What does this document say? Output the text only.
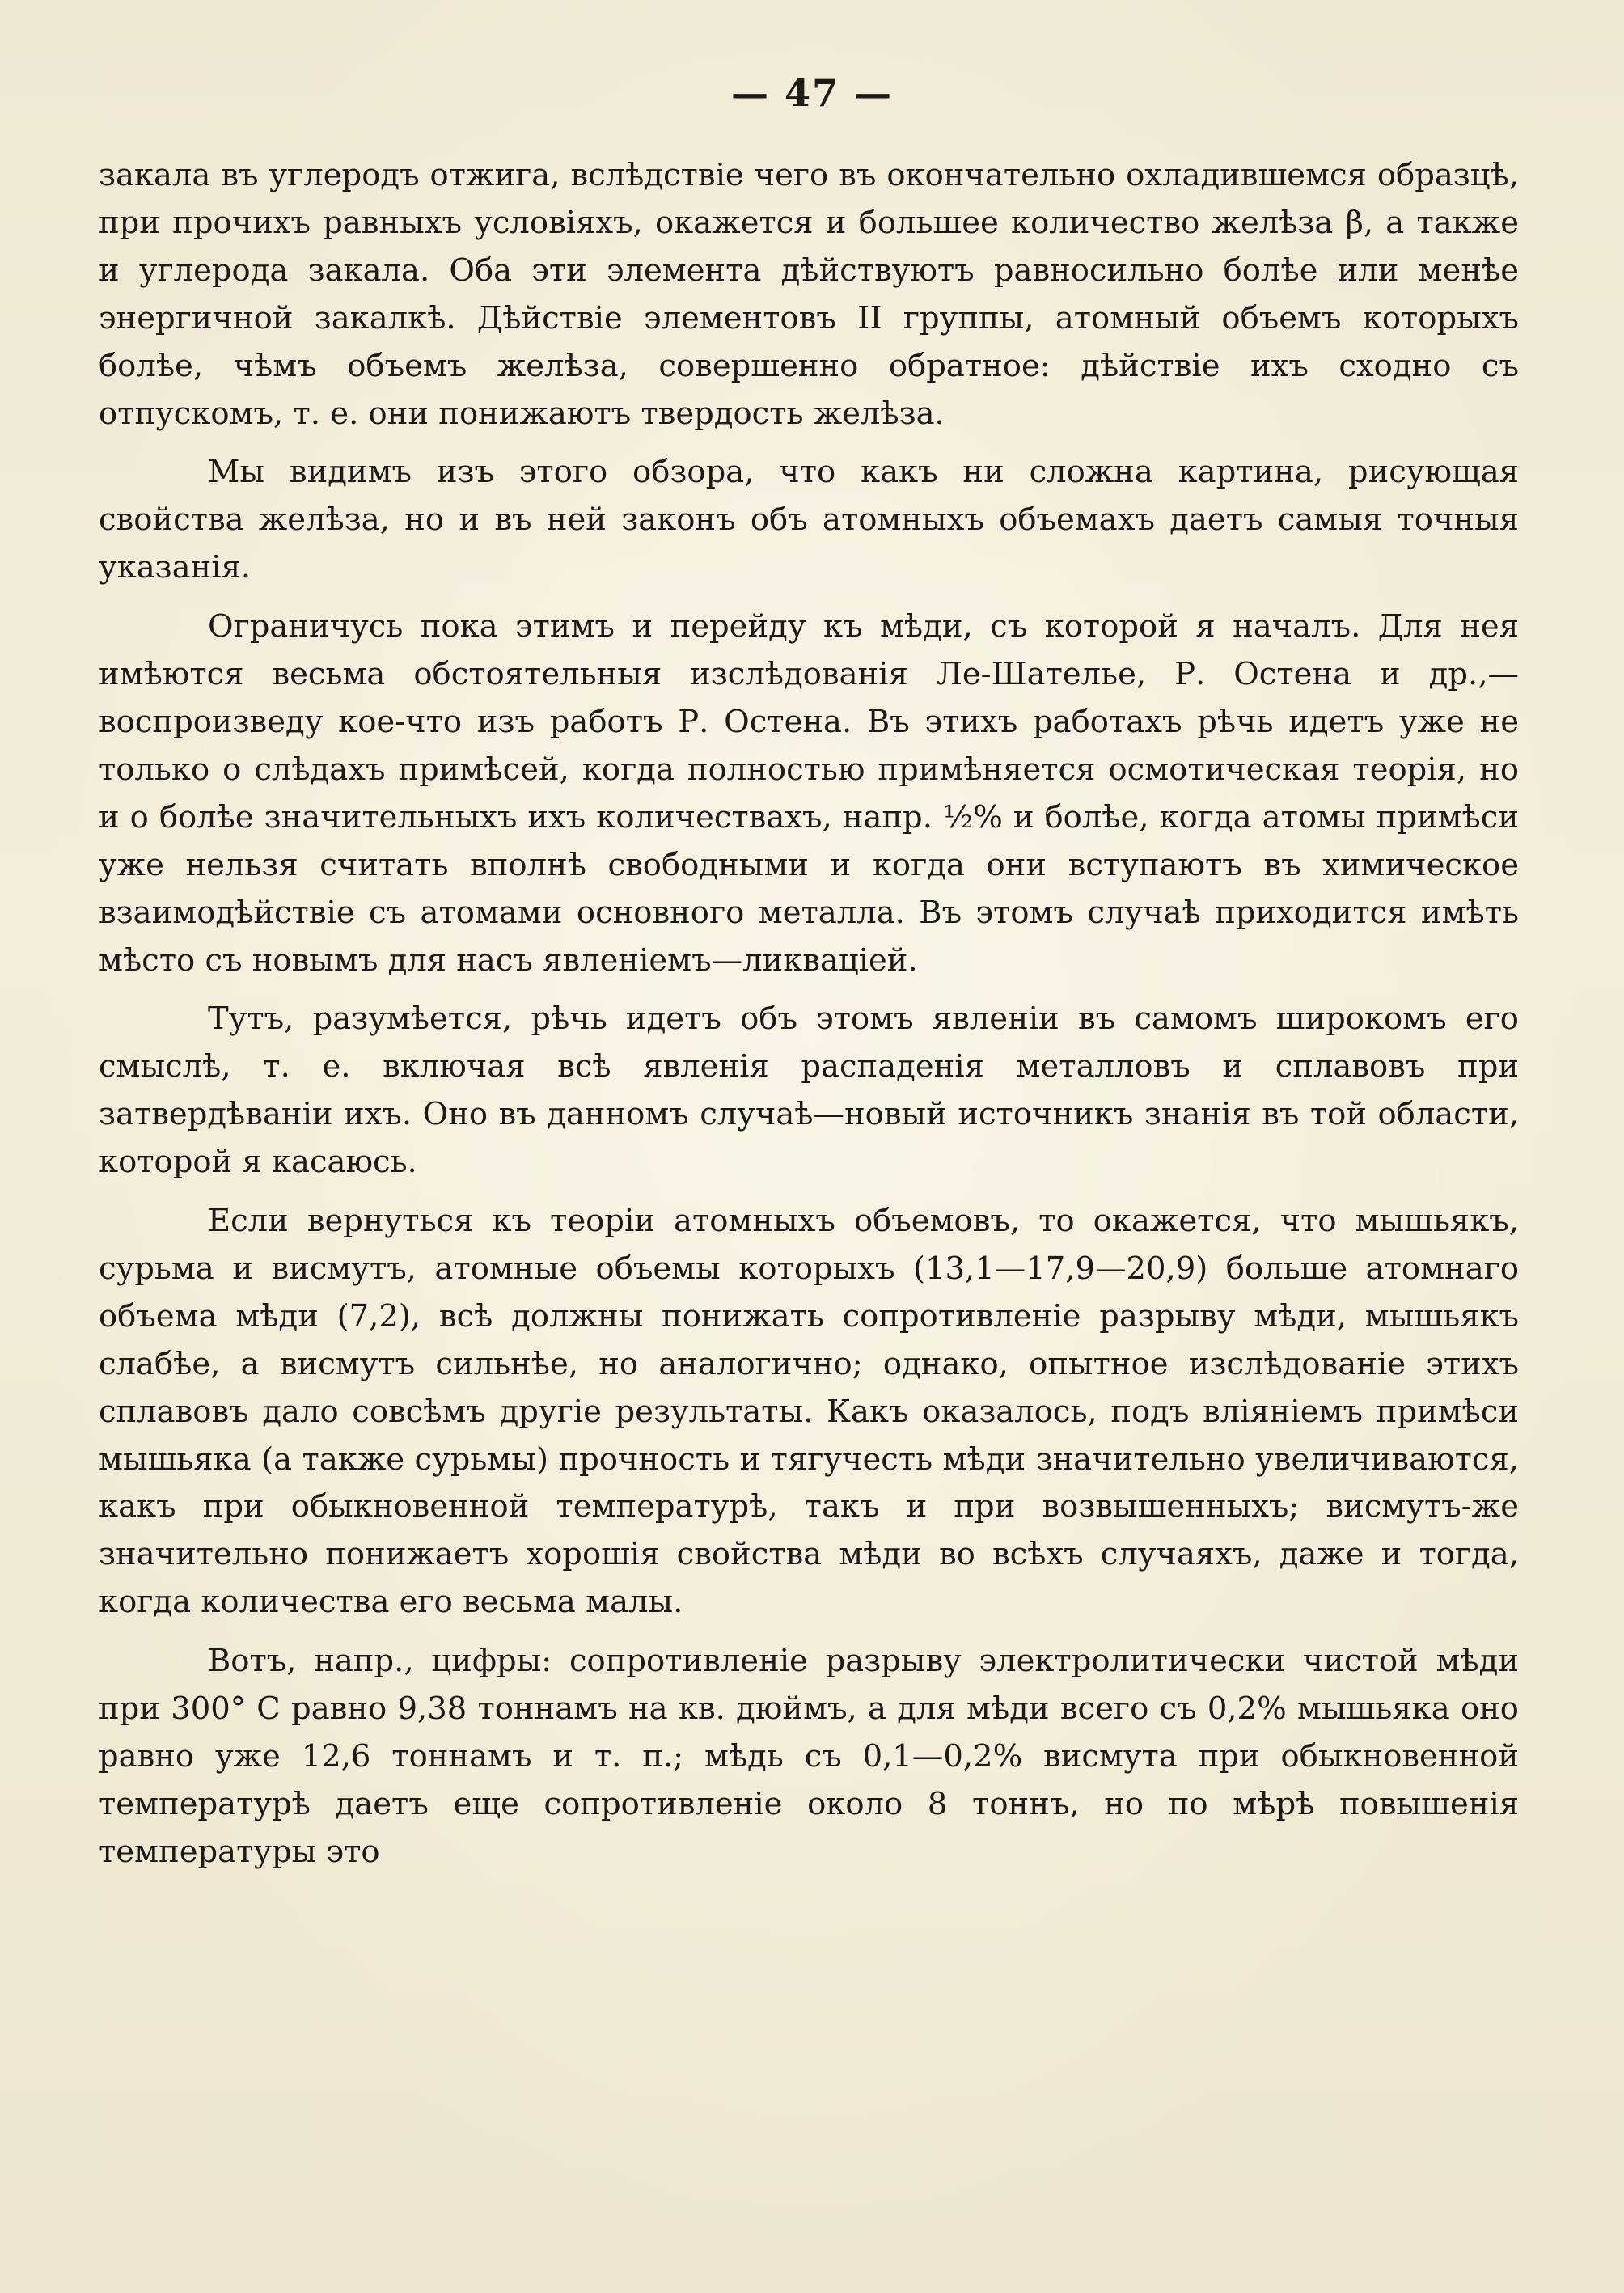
— 47 —

закала въ углеродъ отжига, вслѣдствіе чего въ окончательно охладившемся образцѣ, при прочихъ равныхъ условіяхъ, окажется и большее количество желѣза β, а также и углерода закала. Оба эти элемента дѣйствуютъ равносильно болѣе или менѣе энергичной закалкѣ. Дѣйствіе элементовъ II группы, атомный объемъ которыхъ болѣе, чѣмъ объемъ желѣза, совершенно обратное: дѣйствіе ихъ сходно съ отпускомъ, т. е. они понижаютъ твердость желѣза.

Мы видимъ изъ этого обзора, что какъ ни сложна картина, рисующая свойства желѣза, но и въ ней законъ объ атомныхъ объемахъ даетъ самыя точныя указанія.

Ограничусь пока этимъ и перейду къ мѣди, съ которой я началъ. Для нея имѣются весьма обстоятельныя изслѣдованія Ле-Шателье, Р. Остена и др.,—воспроизведу кое-что изъ работъ Р. Остена. Въ этихъ работахъ рѣчь идетъ уже не только о слѣдахъ примѣсей, когда полностью примѣняется осмотическая теорія, но и о болѣе значительныхъ ихъ количествахъ, напр. ½% и болѣе, когда атомы примѣси уже нельзя считать вполнѣ свободными и когда они вступаютъ въ химическое взаимодѣйствіе съ атомами основного металла. Въ этомъ случаѣ приходится имѣть мѣсто съ новымъ для насъ явленіемъ—ликваціей.

Тутъ, разумѣется, рѣчь идетъ объ этомъ явленіи въ самомъ широкомъ его смыслѣ, т. е. включая всѣ явленія распаденія металловъ и сплавовъ при затвердѣваніи ихъ. Оно въ данномъ случаѣ—новый источникъ знанія въ той области, которой я касаюсь.

Если вернуться къ теоріи атомныхъ объемовъ, то окажется, что мышьякъ, сурьма и висмутъ, атомные объемы которыхъ (13,1—17,9—20,9) больше атомнаго объема мѣди (7,2), всѣ должны понижать сопротивленіе разрыву мѣди, мышьякъ слабѣе, а висмутъ сильнѣе, но аналогично; однако, опытное изслѣдованіе этихъ сплавовъ дало совсѣмъ другіе результаты. Какъ оказалось, подъ вліяніемъ примѣси мышьяка (а также сурьмы) прочность и тягучесть мѣди значительно увеличиваются, какъ при обыкновенной температурѣ, такъ и при возвышенныхъ; висмутъ-же значительно понижаетъ хорошія свойства мѣди во всѣхъ случаяхъ, даже и тогда, когда количества его весьма малы.

Вотъ, напр., цифры: сопротивленіе разрыву электролитически чистой мѣди при 300° С равно 9,38 тоннамъ на кв. дюймъ, а для мѣди всего съ 0,2% мышьяка оно равно уже 12,6 тоннамъ и т. п.; мѣдь съ 0,1—0,2% висмута при обыкновенной температурѣ даетъ еще сопротивленіе около 8 тоннъ, но по мѣрѣ повышенія температуры это
